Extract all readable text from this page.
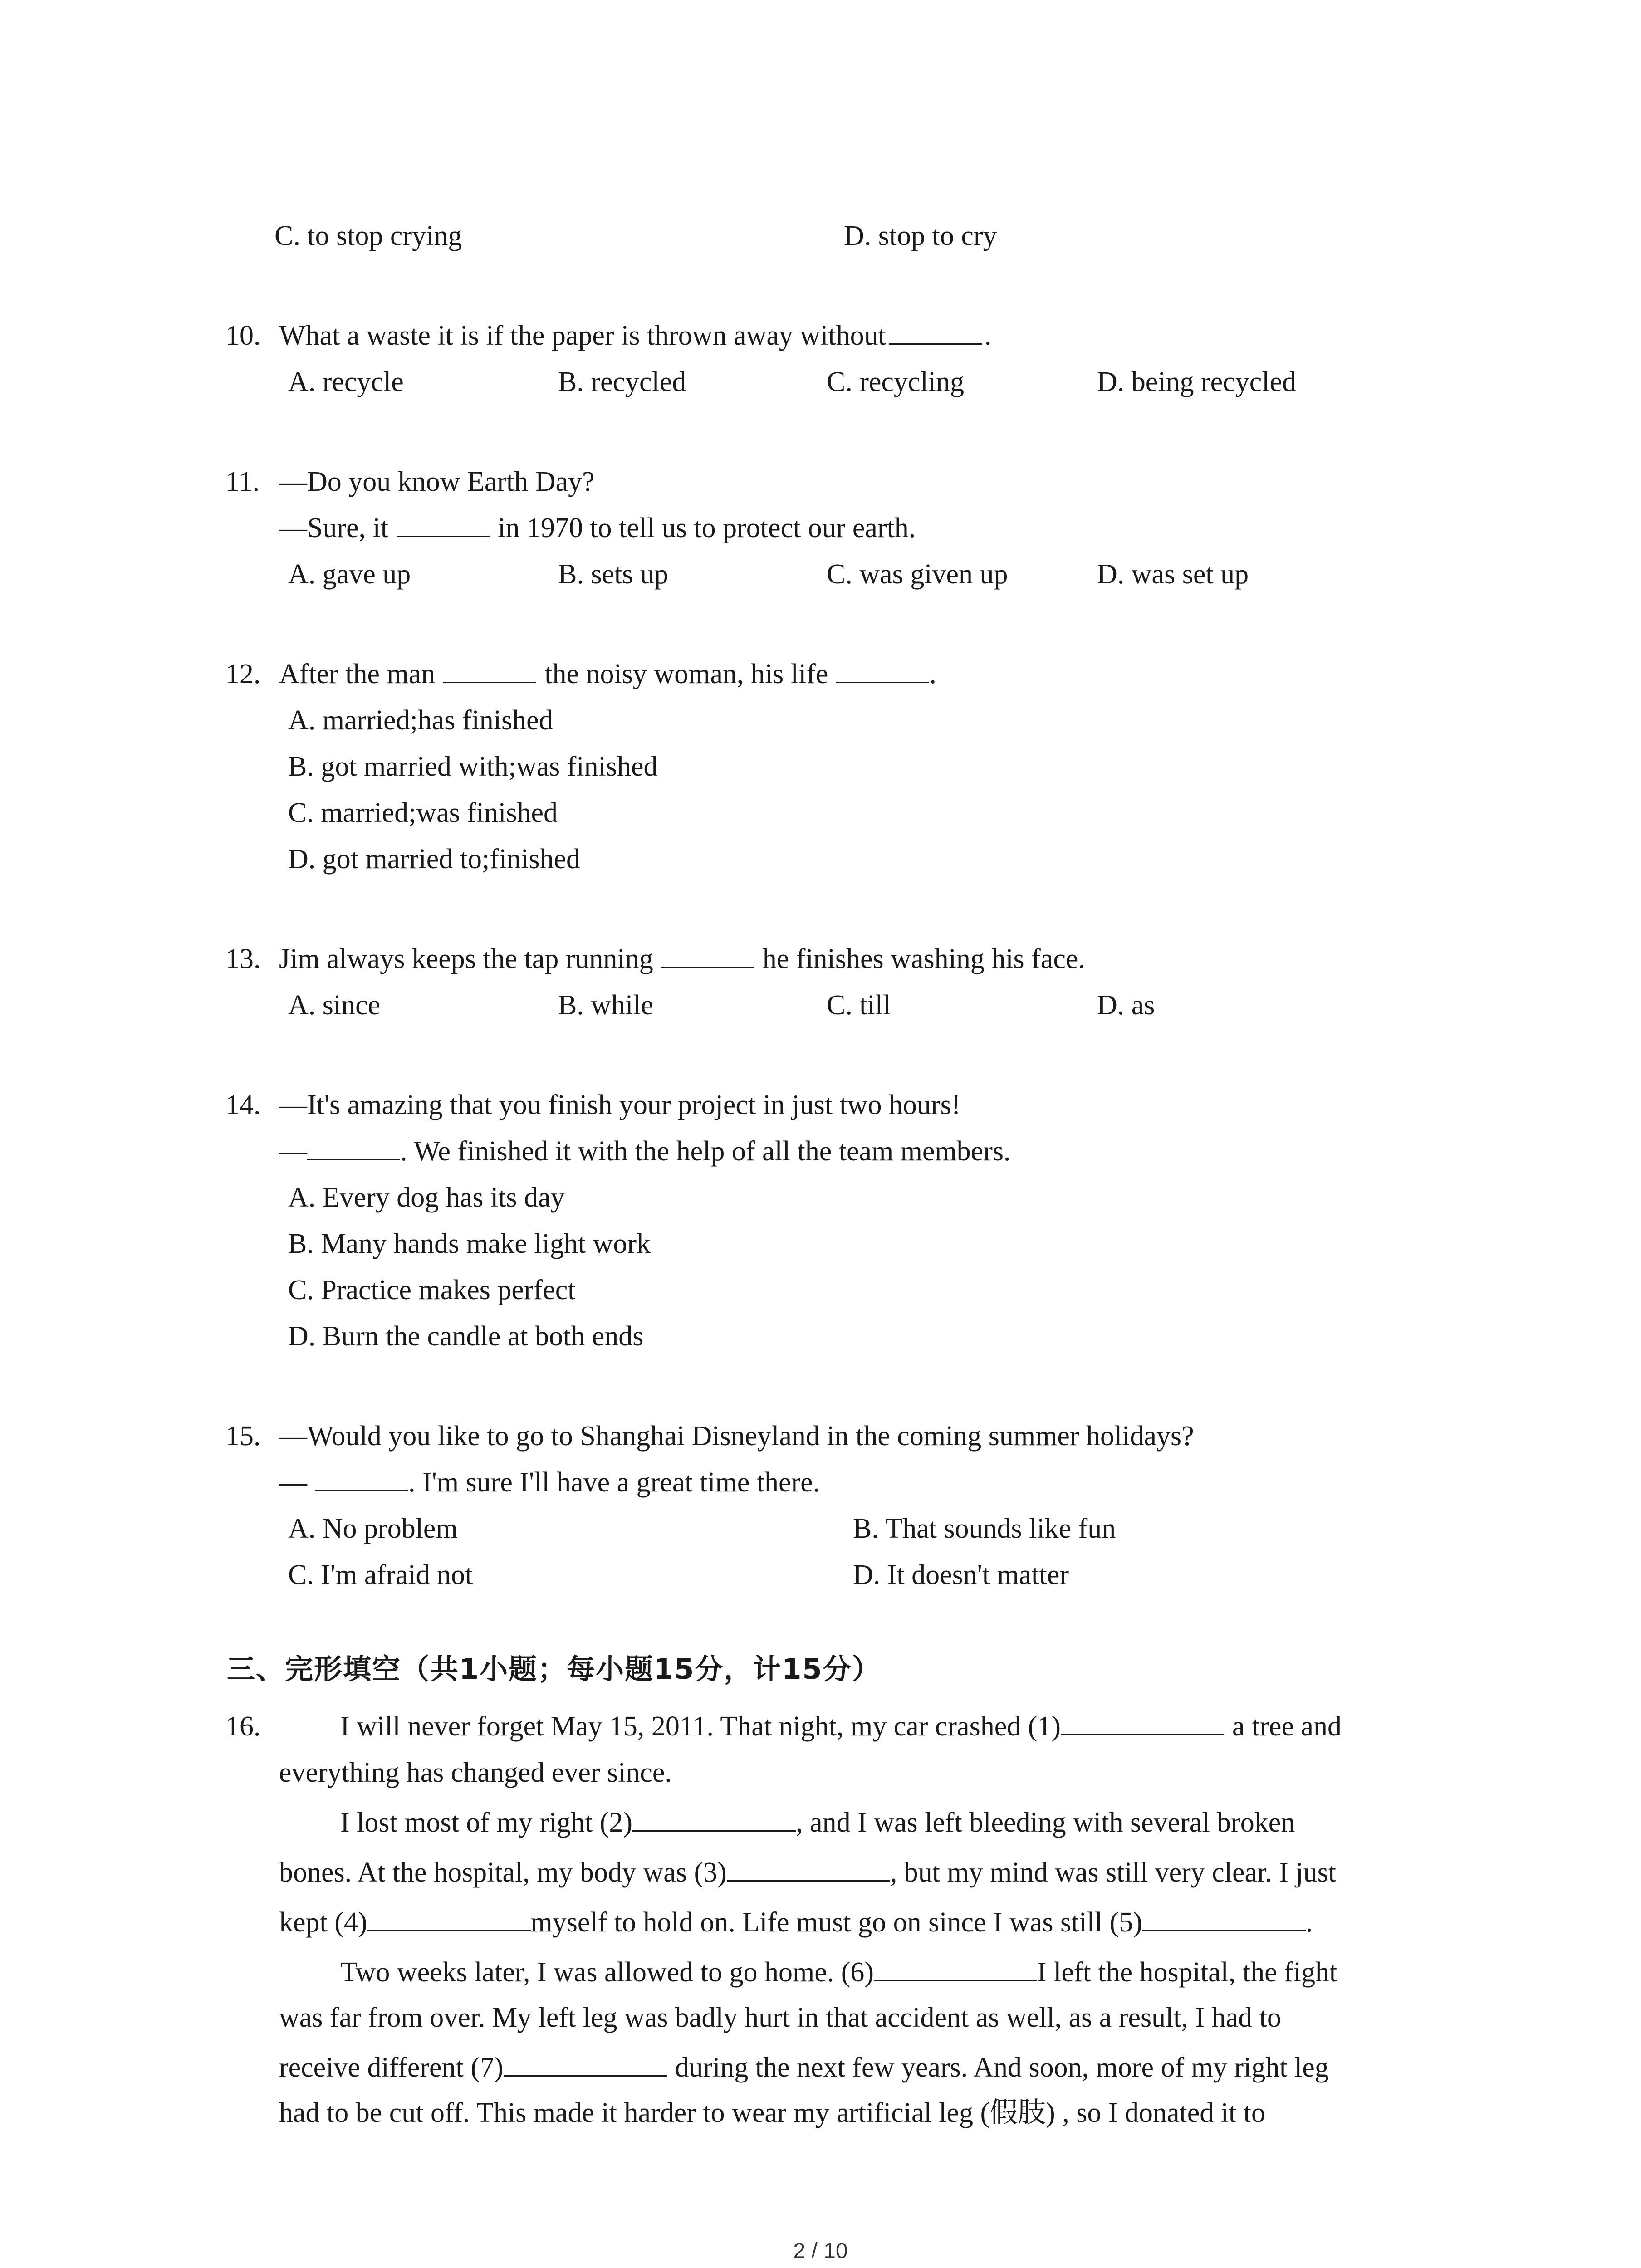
C. to stop crying	D. stop to cry
10. What a waste it is if the paper is thrown away without	.
A. recycle	B. recycled	C. recycling	D. being recycled
11. —Do you know Earth Day?
—Sure, it	in 1970 to tell us to protect our earth.
A. gave up	B. sets up	C. was given up	D. was set up
12. After the man	the noisy woman, his life	.
A. married;has finished
B. got married with;was finished
C. married;was finished
D. got married to;finished
13. Jim always keeps the tap running	he finishes washing his face.
A. since	B. while	C. till	D. as
14. —It's amazing that you finish your project in just two hours!
—	. We finished it with the help of all the team members.
A. Every dog has its day
B. Many hands make light work
C. Practice makes perfect
D. Burn the candle at both ends
15. —Would you like to go to Shanghai Disneyland in the coming summer holidays?
—	. I'm sure I'll have a great time there.
A. No problem	B. That sounds like fun
C. I'm afraid not	D. It doesn't matter
三、完形填空（共1小题；每小题15分，计15分）
16.	I will never forget May 15, 2011. That night, my car crashed (1)	a tree and
everything has changed ever since.
I lost most of my right (2)	, and I was left bleeding with several broken
bones. At the hospital, my body was (3)	, but my mind was still very clear. I just
kept (4)	myself to hold on. Life must go on since I was still (5)	.
Two weeks later, I was allowed to go home. (6)	I left the hospital, the fight
was far from over. My left leg was badly hurt in that accident as well, as a result, I had to
receive different (7)	during the next few years. And soon, more of my right leg
had to be cut off. This made it harder to wear my artificial leg (假肢) , so I donated it to
2 / 10
